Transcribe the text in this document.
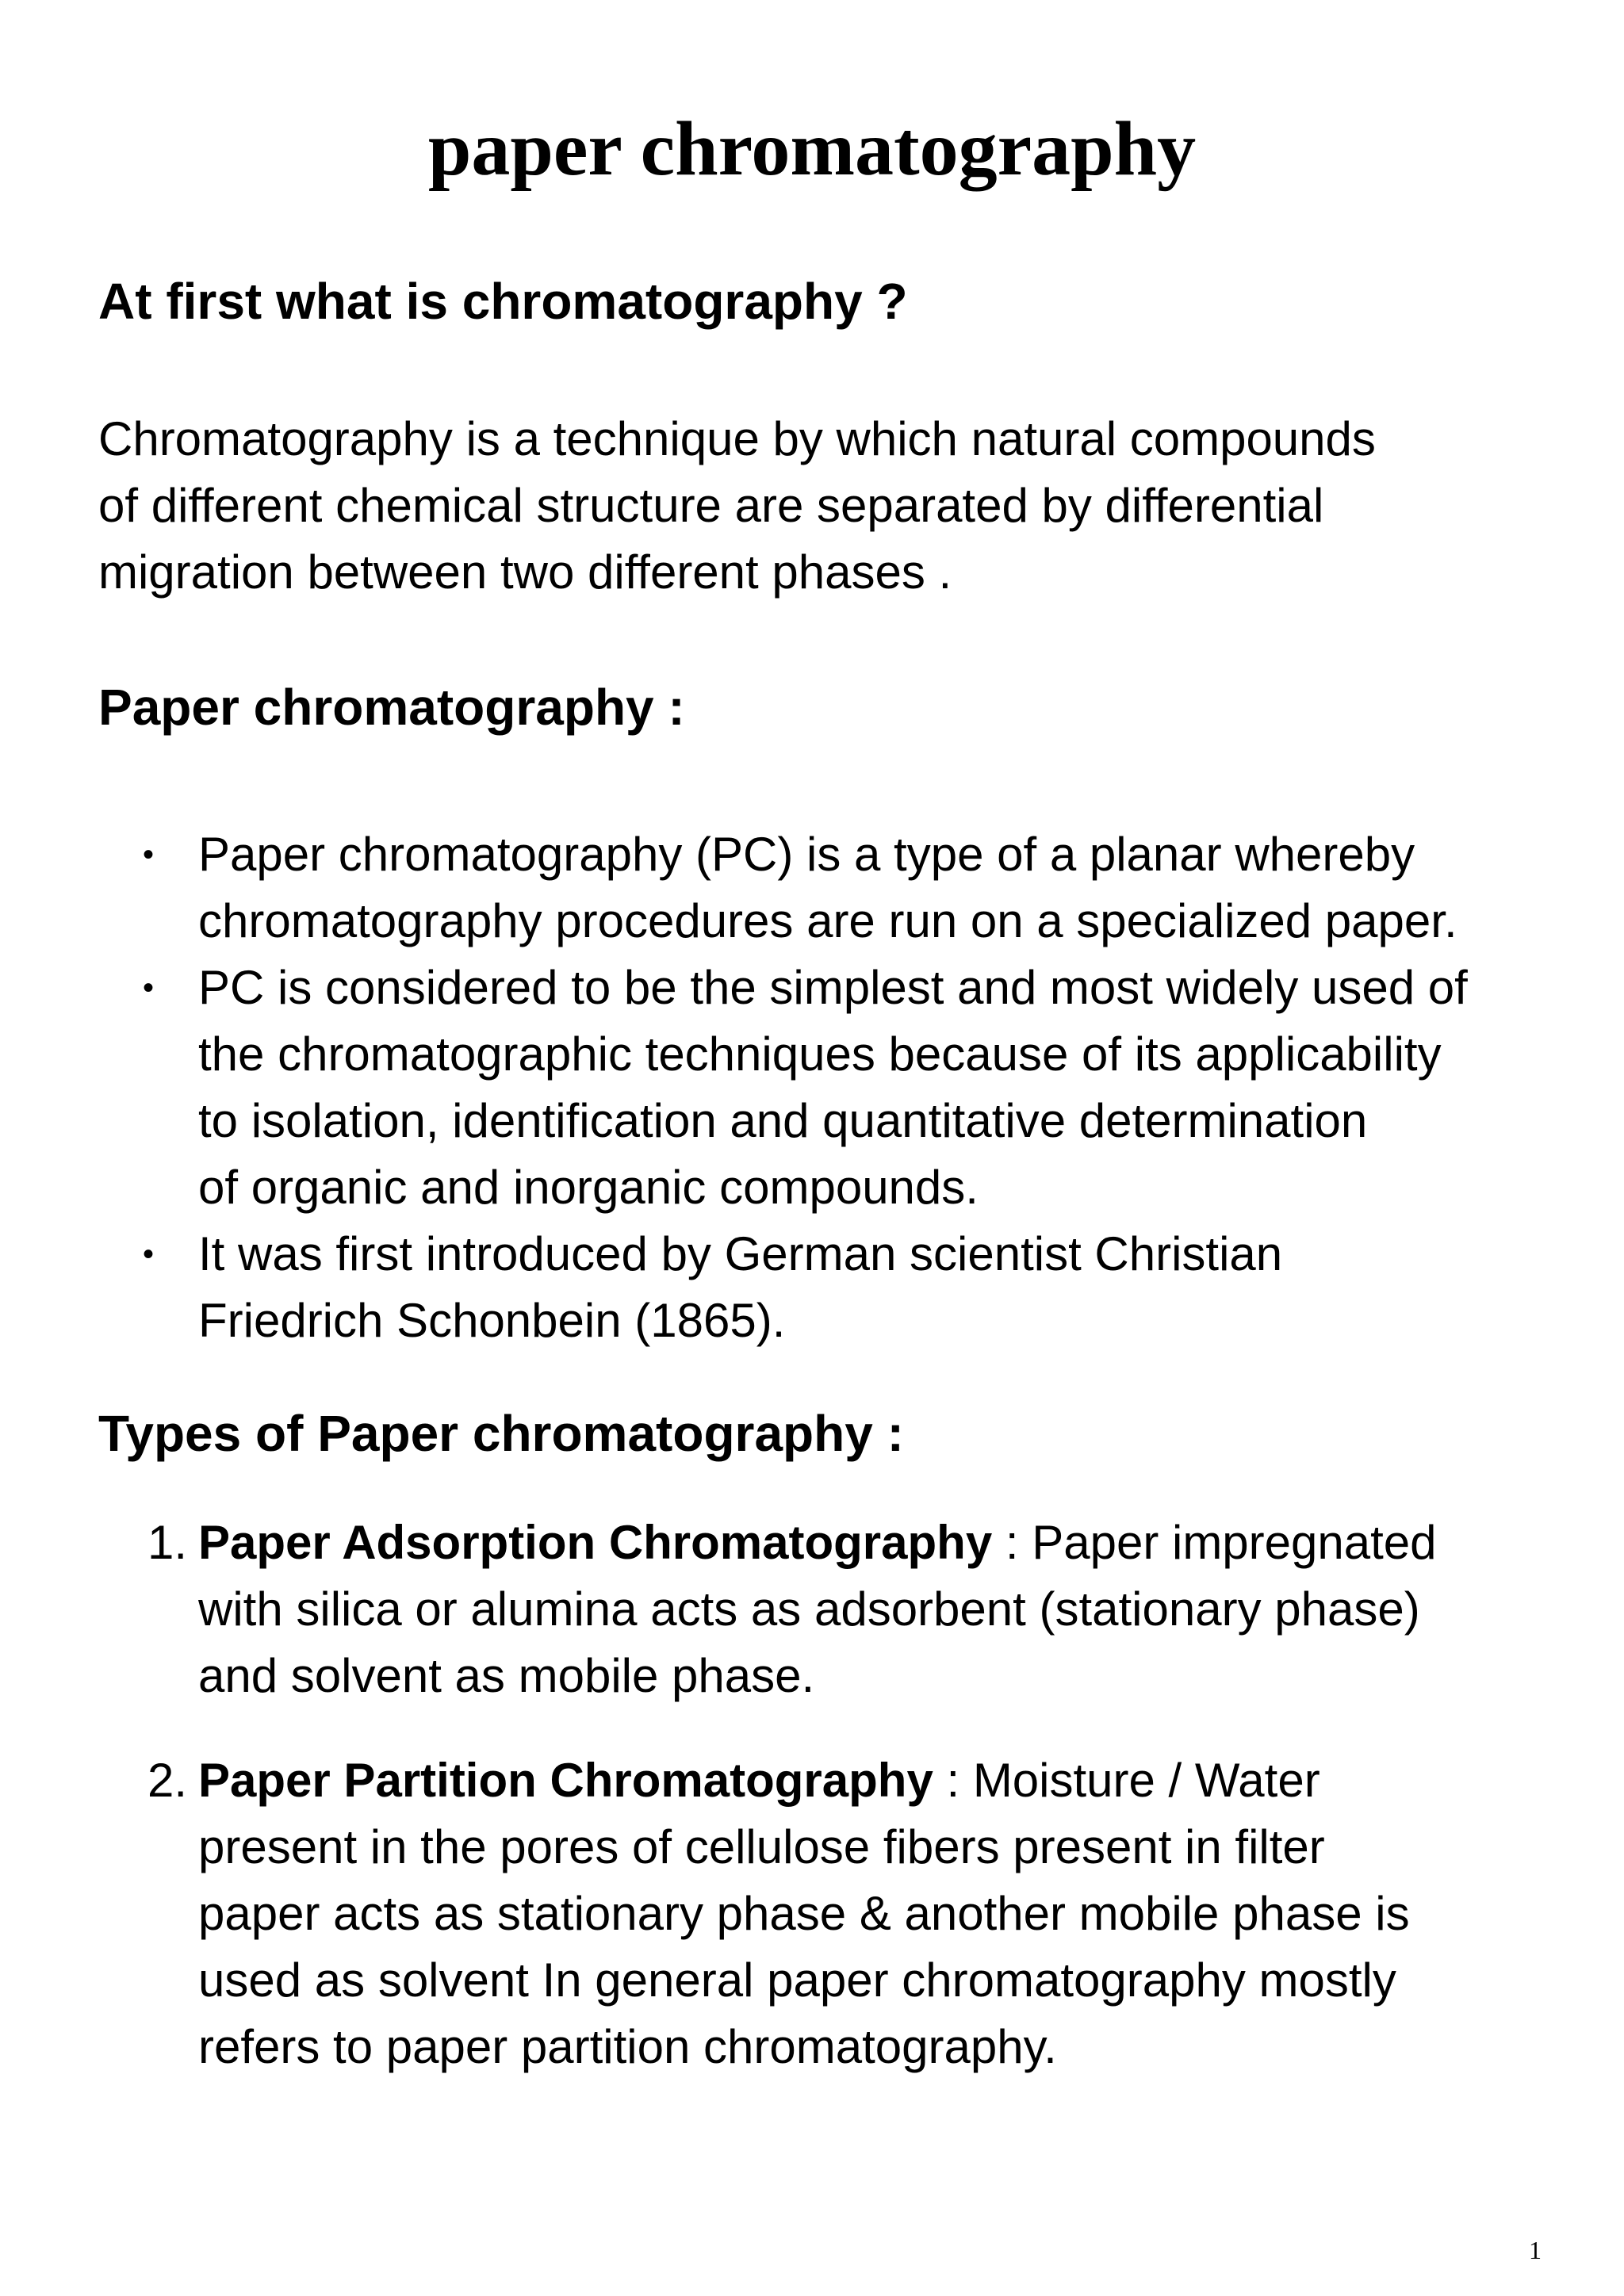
paper chromatography
At first what is chromatography ?

Chromatography is a technique by which natural compounds
of different chemical structure are separated by differential
migration between two different phases .

Paper chromatography :
• Paper chromatography (PC) is a type of a planar whereby
chromatography procedures are run on a specialized paper.
• PC is considered to be the simplest and most widely used of
the chromatographic techniques because of its applicability
to isolation, identification and quantitative determination
of organic and inorganic compounds.
• It was first introduced by German scientist Christian
Friedrich Schonbein (1865).
Types of Paper chromatography :
1. Paper Adsorption Chromatography : Paper impregnated
with silica or alumina acts as adsorbent (stationary phase)
and solvent as mobile phase.
2. Paper Partition Chromatography : Moisture / Water
present in the pores of cellulose fibers present in filter
paper acts as stationary phase & another mobile phase is
used as solvent In general paper chromatography mostly
refers to paper partition chromatography.
1
